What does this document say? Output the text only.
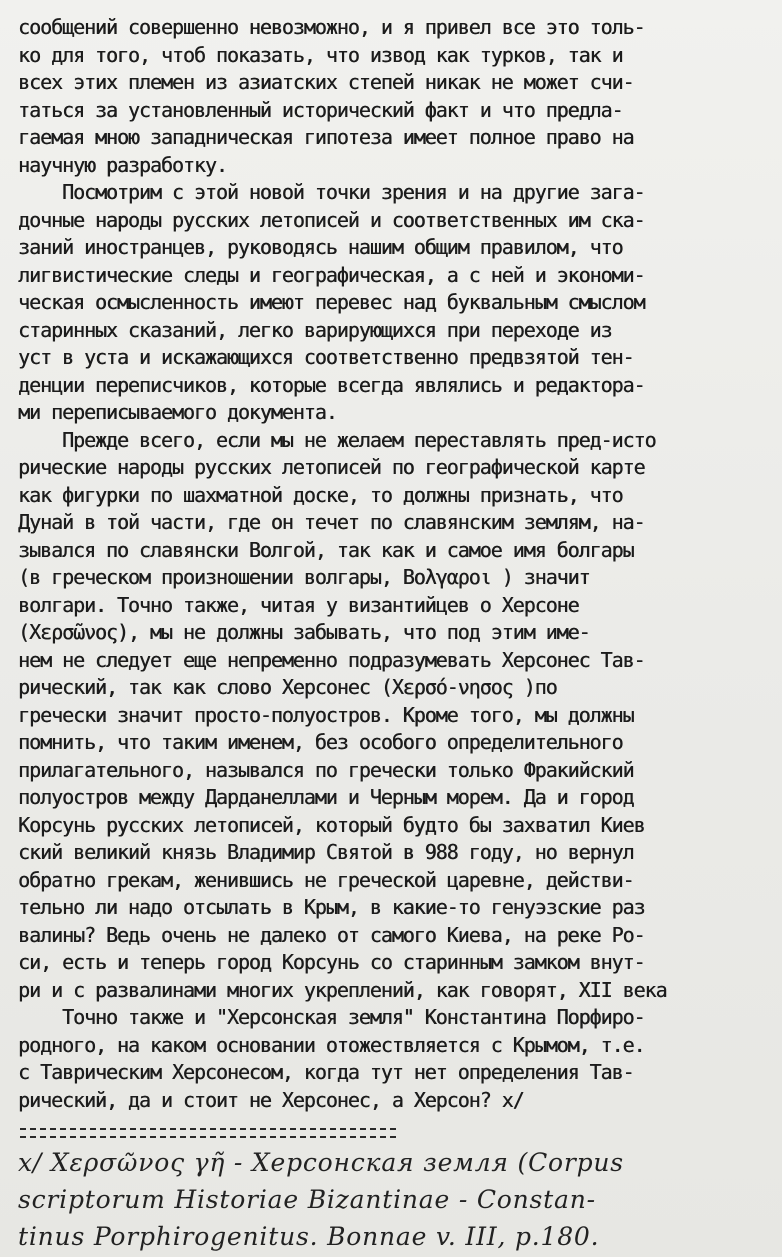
сообщений совершенно невозможно, и я привел все это толь-
ко для того, чтоб показать, что извод как турков, так и
всех этих племен из азиатских степей никак не может счи-
таться за установленный исторический факт и что предла-
гаемая мною западническая гипотеза имеет полное право на
научную разработку.
Посмотрим с этой новой точки зрения и на другие зага-
дочные народы русских летописей и соответственных им ска-
заний иностранцев, руководясь нашим общим правилом, что
лигвистические следы и географическая, а с ней и экономи-
ческая осмысленность имеют перевес над буквальным смыслом
старинных сказаний, легко варирующихся при переходе из
уст в уста и искажающихся соответственно предвзятой тен-
денции переписчиков, которые всегда являлись и редактора-
ми переписываемого документа.
Прежде всего, если мы не желаем переставлять пред-исто
рические народы русских летописей по географической карте
как фигурки по шахматной доске, то должны признать, что
Дунай в той части, где он течет по славянским землям, на-
зывался по славянски Волгой, так как и самое имя болгары
(в греческом произношении волгары, Βολγαροι ) значит
волгари. Точно также, читая у византийцев о Херсоне
(Χερσῶνος), мы не должны забывать, что под этим име-
нем не следует еще непременно подразумевать Херсонес Тав-
рический, так как слово Херсонес (Χερσό-νησος )по
гречески значит просто-полуостров. Кроме того, мы должны
помнить, что таким именем, без особого определительного
прилагательного, назывался по гречески только Фракийский
полуостров между Дарданеллами и Черным морем. Да и город
Корсунь русских летописей, который будто бы захватил Киев
ский великий князь Владимир Святой в 988 году, но вернул
обратно грекам, женившись не греческой царевне, действи-
тельно ли надо отсылать в Крым, в какие-то генуэзские раз
валины? Ведь очень не далеко от самого Киева, на реке Ро-
си, есть и теперь город Корсунь со старинным замком внут-
ри и с развалинами многих укреплений, как говорят, XII века
Точно также и "Херсонская земля" Константина Порфиро-
родного, на каком основании отожествляется с Крымом, т.е.
с Таврическим Херсонесом, когда тут нет определения Тав-
рический, да и стоит не Херсонес, а Херсон? х/
х/ Χερσῶνος γῆ - Херсонская земля (Corpus
scriptorum Historiae Bizantinae - Constan-
tinus Porphirogenitus. Bonnae v. III, p.180.
